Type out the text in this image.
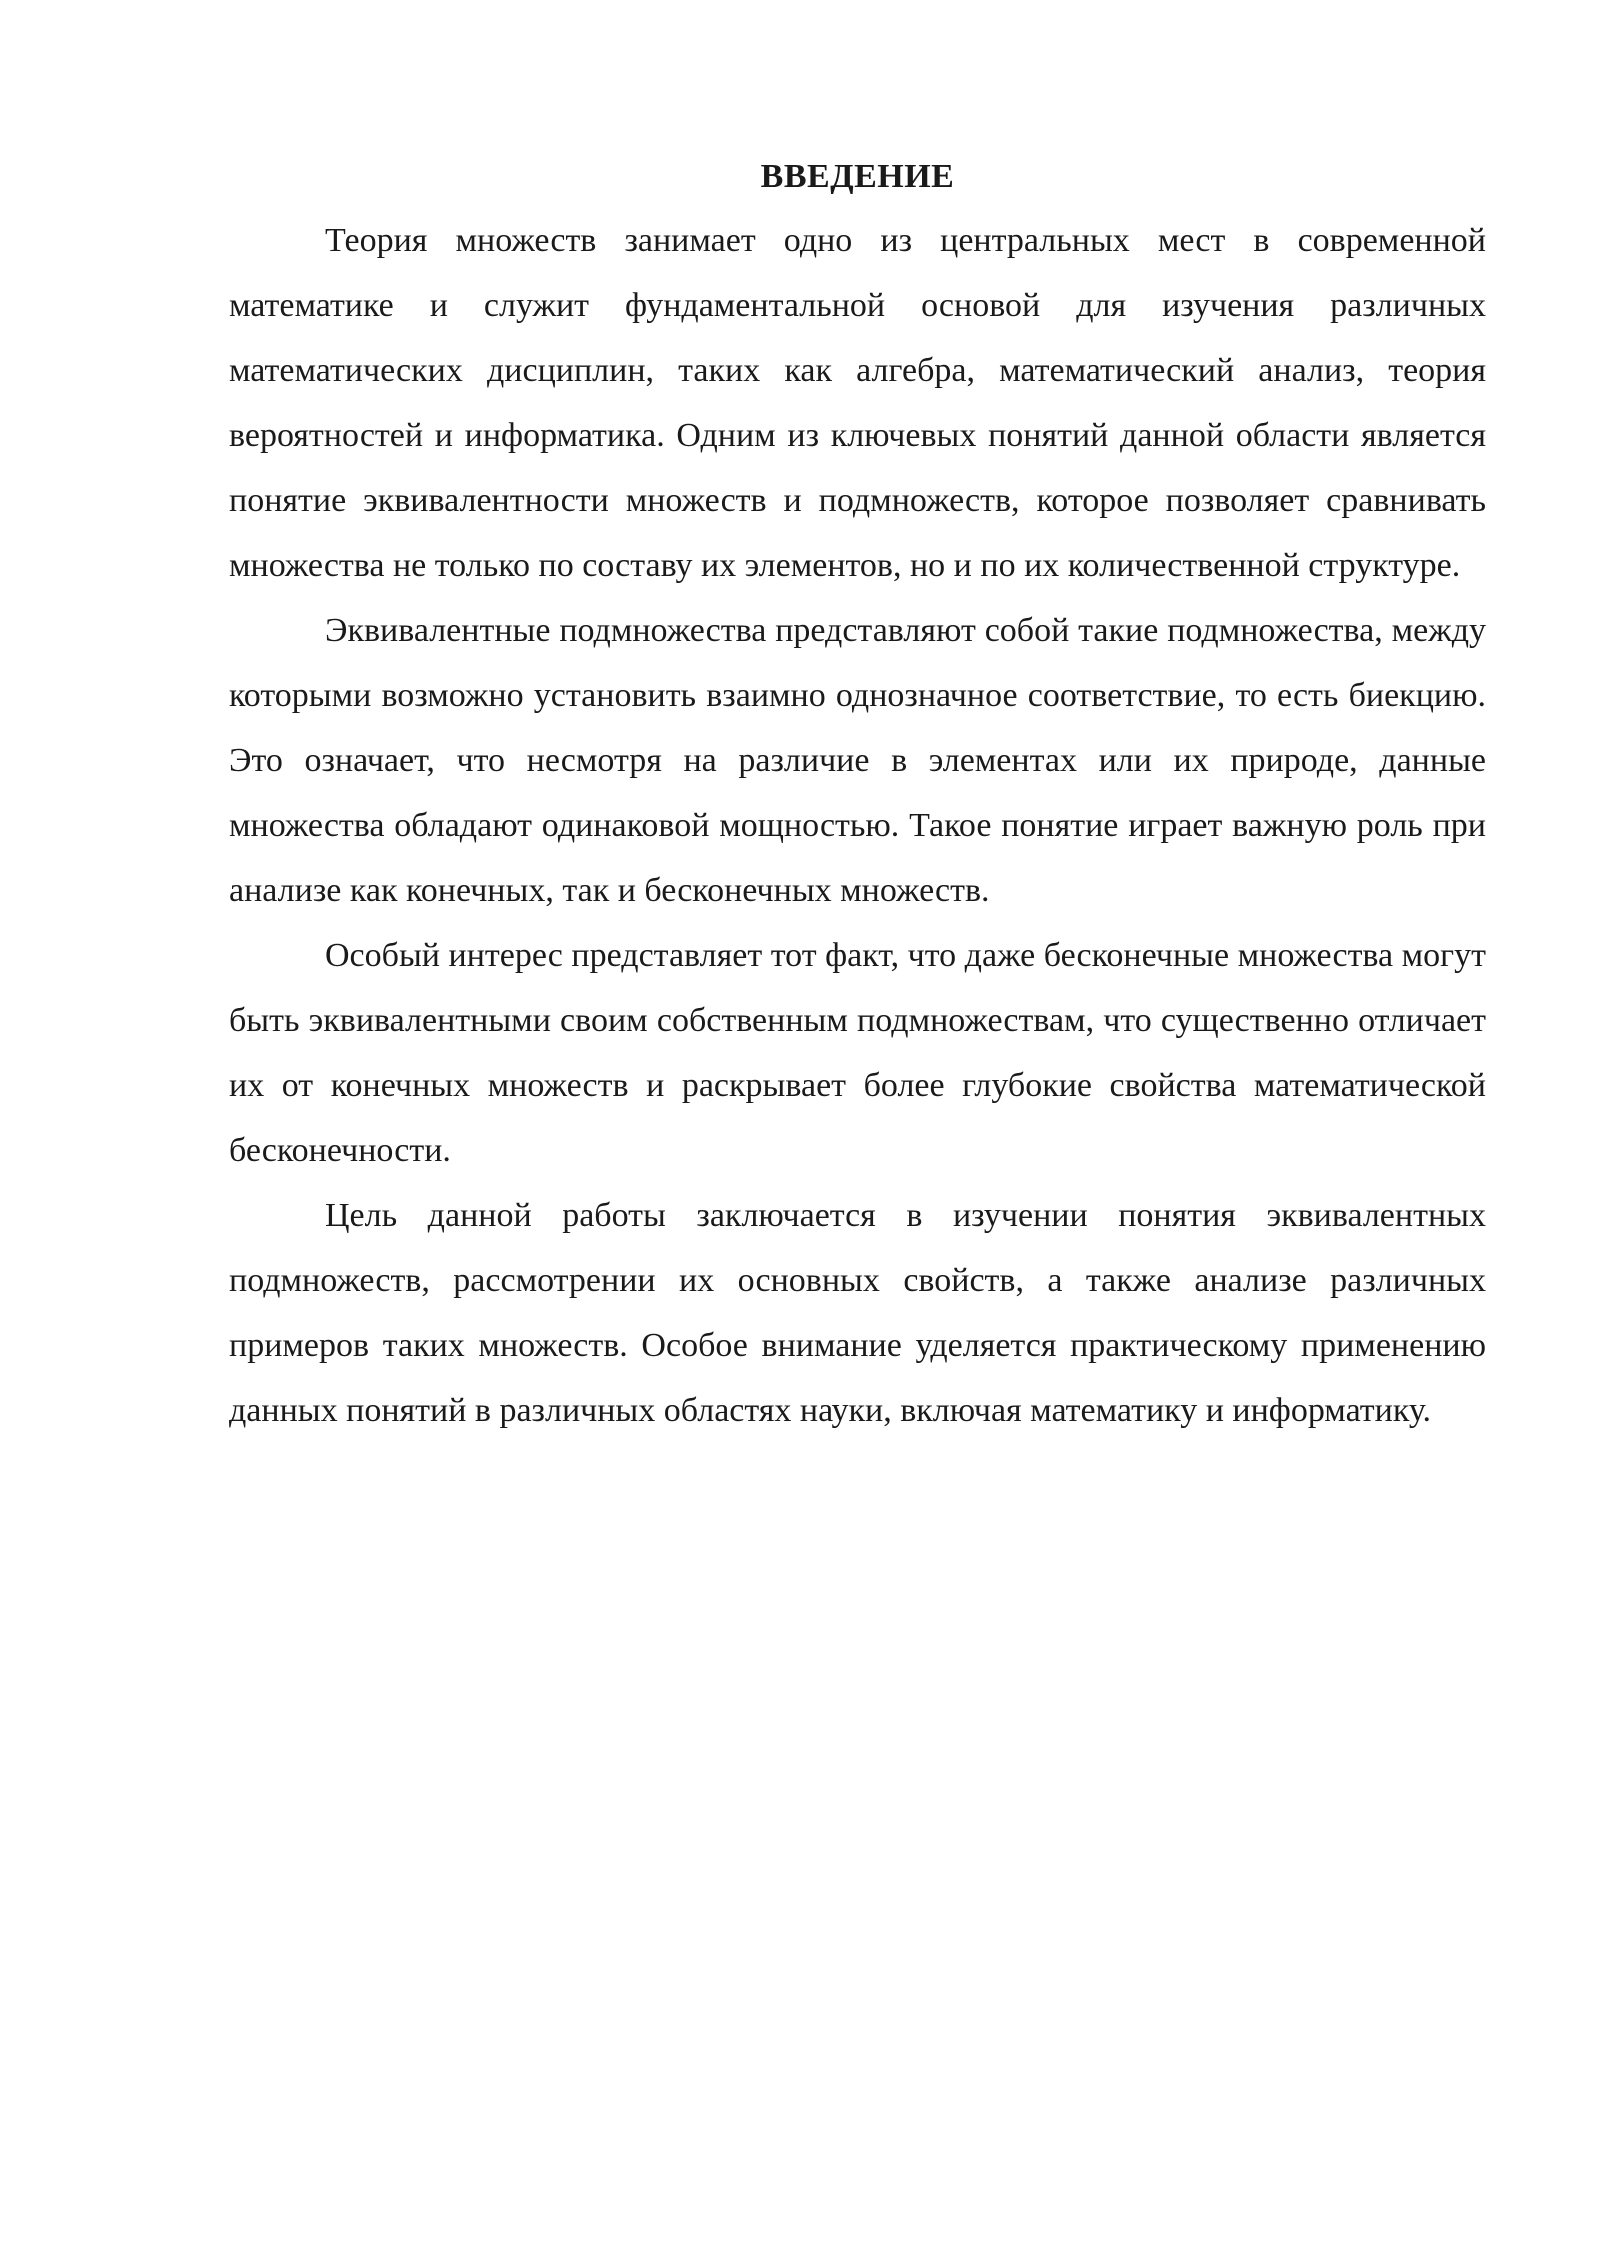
ВВЕДЕНИЕ

Теория множеств занимает одно из центральных мест в современной математике и служит фундаментальной основой для изучения различных математических дисциплин, таких как алгебра, математический анализ, теория вероятностей и информатика. Одним из ключевых понятий данной области является понятие эквивалентности множеств и подмножеств, которое позволяет сравнивать множества не только по составу их элементов, но и по их количественной структуре.

Эквивалентные подмножества представляют собой такие подмножества, между которыми возможно установить взаимно однозначное соответствие, то есть биекцию. Это означает, что несмотря на различие в элементах или их природе, данные множества обладают одинаковой мощностью. Такое понятие играет важную роль при анализе как конечных, так и бесконечных множеств.

Особый интерес представляет тот факт, что даже бесконечные множества могут быть эквивалентными своим собственным подмножествам, что существенно отличает их от конечных множеств и раскрывает более глубокие свойства математической бесконечности.

Цель данной работы заключается в изучении понятия эквивалентных подмножеств, рассмотрении их основных свойств, а также анализе различных примеров таких множеств. Особое внимание уделяется практическому применению данных понятий в различных областях науки, включая математику и информатику.
